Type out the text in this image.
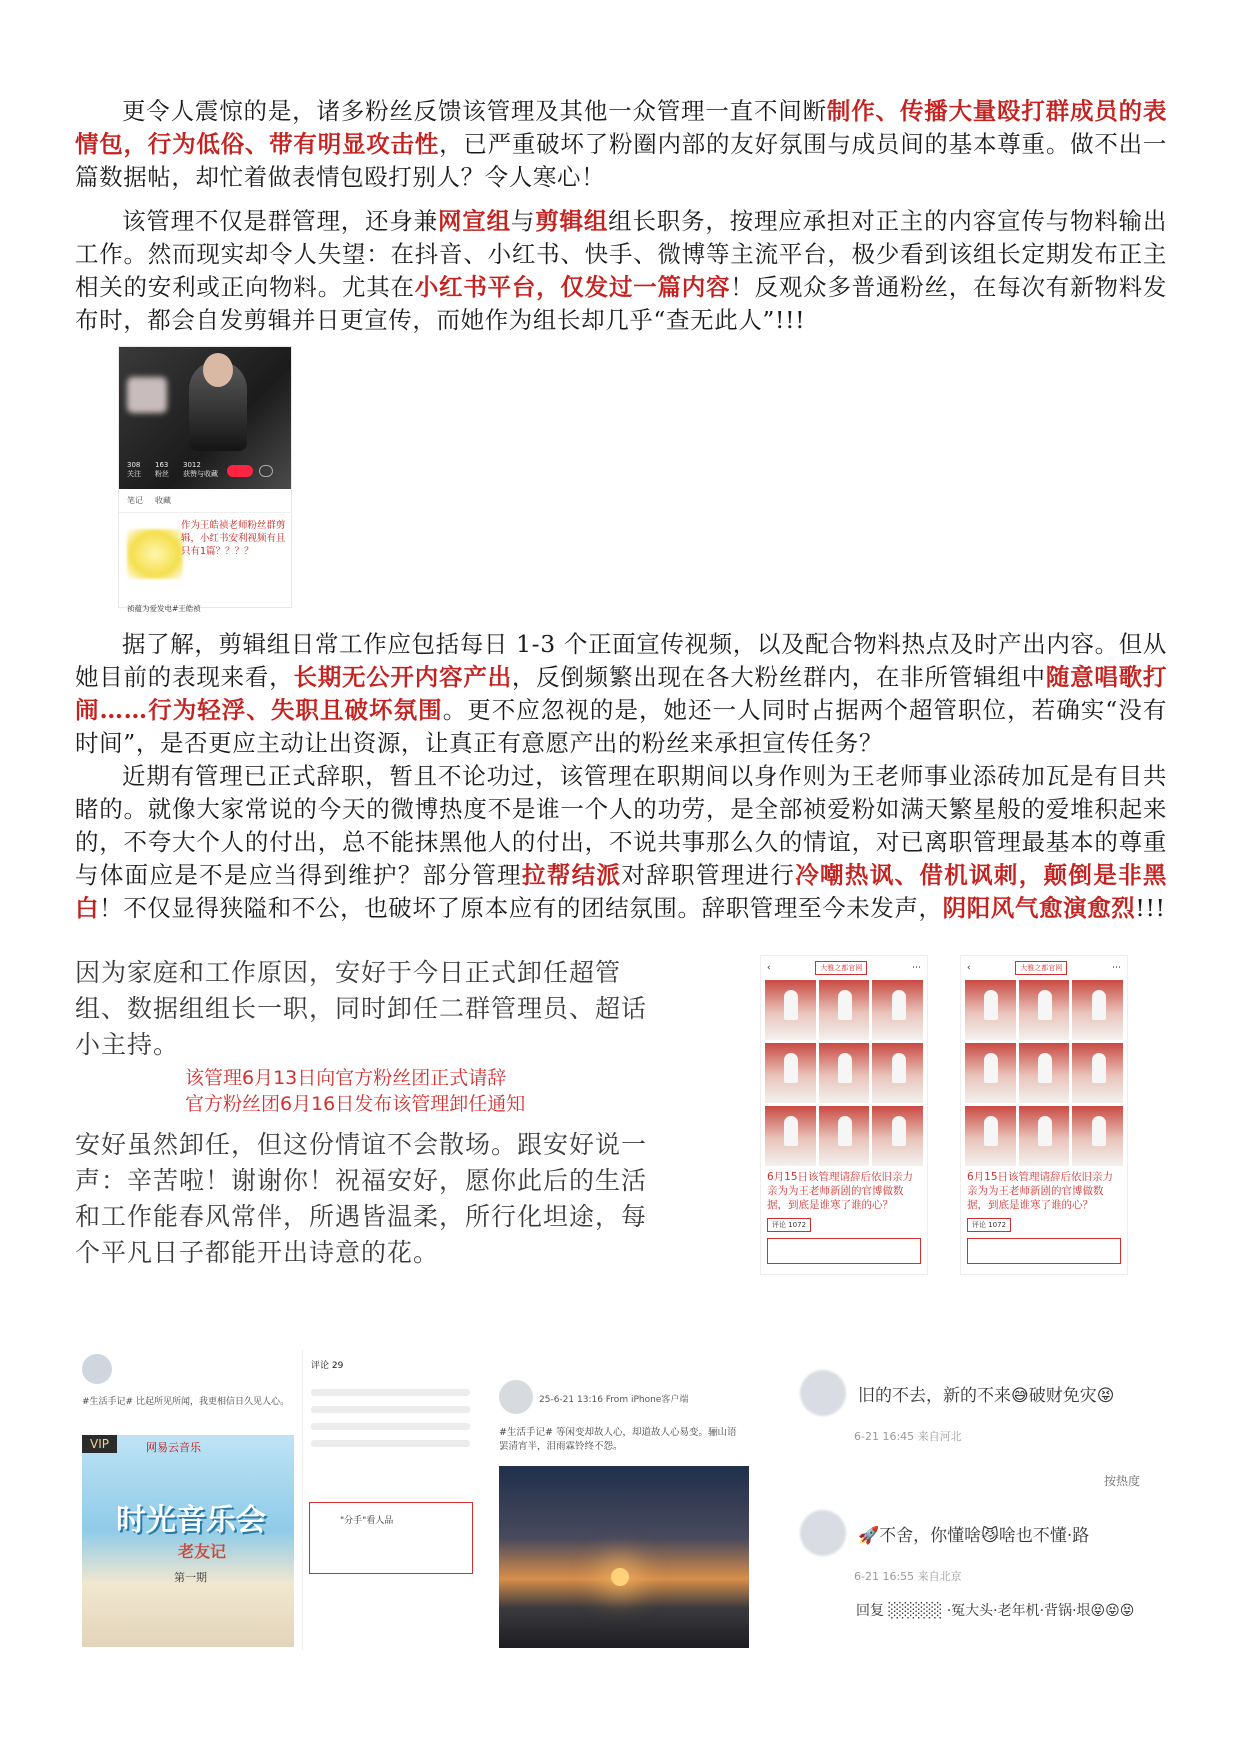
更令人震惊的是，诸多粉丝反馈该管理及其他一众管理一直不间断制作、传播大量殴打群成员的表情包，行为低俗、带有明显攻击性，已严重破坏了粉圈内部的友好氛围与成员间的基本尊重。做不出一篇数据帖，却忙着做表情包殴打别人？令人寒心！

该管理不仅是群管理，还身兼网宣组与剪辑组组长职务，按理应承担对正主的内容宣传与物料输出工作。然而现实却令人失望：在抖音、小红书、快手、微博等主流平台，极少看到该组长定期发布正主相关的安利或正向物料。尤其在小红书平台，仅发过一篇内容！反观众多普通粉丝，在每次有新物料发布时，都会自发剪辑并日更宣传，而她作为组长却几乎“查无此人”!!!

308
关注
163
粉丝
3012
获赞与收藏
笔记 收藏
作为王皓祯老师粉丝群剪辑，小红书安利视频有且只有1篇？？？？
祯蕴为爱发电#王皓祯

据了解，剪辑组日常工作应包括每日 1-3 个正面宣传视频，以及配合物料热点及时产出内容。但从她目前的表现来看，长期无公开内容产出，反倒频繁出现在各大粉丝群内，在非所管辑组中随意唱歌打闹……行为轻浮、失职且破坏氛围。更不应忽视的是，她还一人同时占据两个超管职位，若确实“没有时间”，是否更应主动让出资源，让真正有意愿产出的粉丝来承担宣传任务？

近期有管理已正式辞职，暂且不论功过，该管理在职期间以身作则为王老师事业添砖加瓦是有目共睹的。就像大家常说的今天的微博热度不是谁一个人的功劳，是全部祯爱粉如满天繁星般的爱堆积起来的，不夸大个人的付出，总不能抹黑他人的付出，不说共事那么久的情谊，对已离职管理最基本的尊重与体面应是不是应当得到维护？部分管理拉帮结派对辞职管理进行冷嘲热讽、借机讽刺，颠倒是非黑白！不仅显得狭隘和不公，也破坏了原本应有的团结氛围。辞职管理至今未发声，阴阳风气愈演愈烈!!!

因为家庭和工作原因，安好于今日正式卸任超管组、数据组组长一职，同时卸任二群管理员、超话小主持。
该管理6月13日向官方粉丝团正式请辞
官方粉丝团6月16日发布该管理卸任通知
安好虽然卸任，但这份情谊不会散场。跟安好说一声：辛苦啦！谢谢你！祝福安好，愿你此后的生活和工作能春风常伴，所遇皆温柔，所行化坦途，每个平凡日子都能开出诗意的花。
‹	大雅之都官网	⋯
6月15日该管理请辞后依旧亲力亲为为王老师新剧的官博做数据，到底是谁寒了谁的心？
评论 1072
‹	大雅之都官网	⋯
6月15日该管理请辞后依旧亲力亲为为王老师新剧的官博做数据，到底是谁寒了谁的心？
评论 1072
#生活手记# 比起所见所闻，我更相信日久见人心。
时光音乐会
老友记
第一期
VIP	网易云音乐
评论 29
"分手"看人品
25-6-21 13:16 From iPhone客户端
#生活手记# 等闲变却故人心，却道故人心易变。骊山语罢清宵半，泪雨霖铃终不怨。
旧的不去，新的不来😅破财免灾😝
6-21 16:45 来自河北
按热度
🚀不舍，你懂啥😼啥也不懂·路
6-21 16:55 来自北京
回复 ░░░░░ ·冤大头·老年机·背锅·垠😝😝😝
